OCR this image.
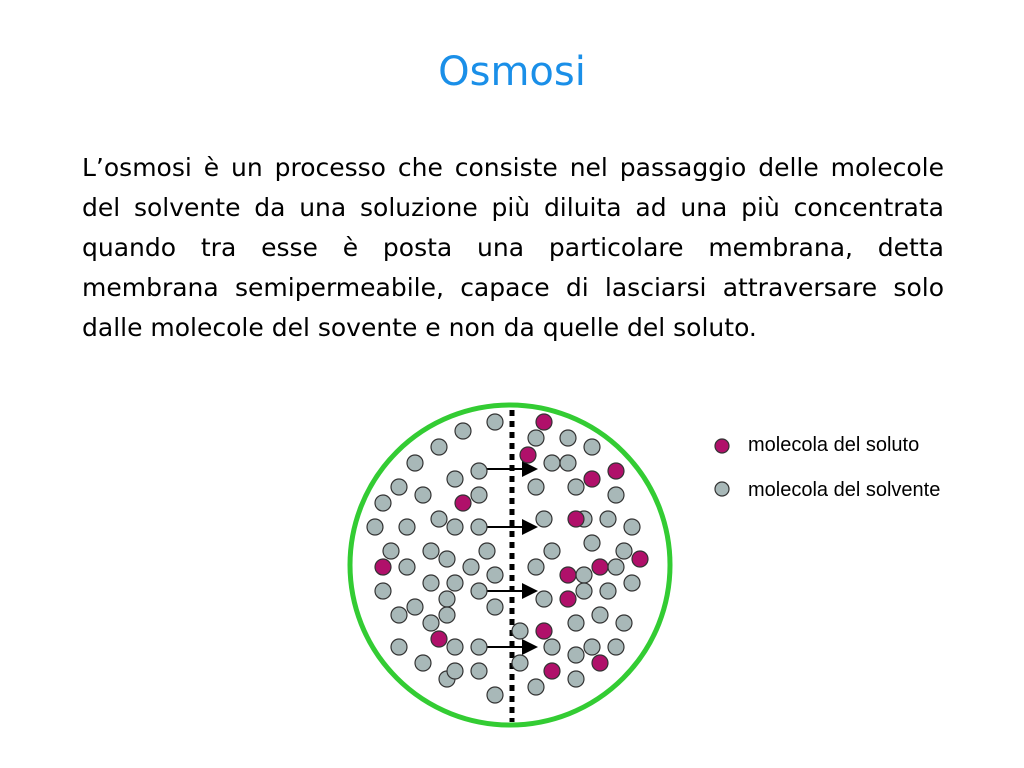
Osmosi

L’osmosi è un processo che consiste nel passaggio delle molecole del solvente da una soluzione più diluita ad una più concentrata quando tra esse è posta una particolare membrana, detta membrana semipermeabile, capace di lasciarsi attraversare solo dalle molecole del sovente e non da quelle del soluto.

molecola del soluto
molecola del solvente
